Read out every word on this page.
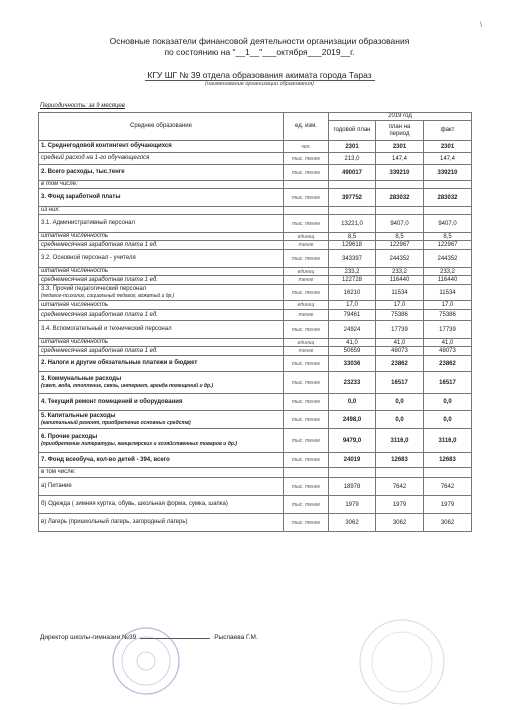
\
Основные показатели финансовой деятельности организации образования
по состоянию на "__1__"___октября___2019__г.
КГУ ШГ № 39 отдела образования акимата города Тараз
(наименование организации образования)
Периодичность: за 9 месяцев
Среднее образование	ед. изм.	2019 год		
		годовой план	план на период	факт

1. Среднегодовой контингент обучающихся	чел.	2301	2301	2301

средний расход на 1-го обучающегося	тыс. тенге	213,0	147,4	147,4

2. Всего расходы, тыс.тенге	тыс. тенге	490017	339210	339210

в том числе:				

3. Фонд заработной платы	тыс. тенге	397752	283032	283032

из них:				

3.1. Административный персонал	тыс. тенге	13221,0	9407,0	9407,0

штатная численность	единиц	8,5	8,5	8,5

среднемесячная заработная плата 1 ед.	тенге	129618	122967	122967

3.2. Основной персонал - учителя	тыс. тенге	343397	244352	244352

штатная численность	единиц	233,2	233,2	233,2

среднемесячная заработная плата 1 ед.	тенге	122728	116440	116440

3.3. Прочий педагогический персонал
(педагог-психолог, социальный педагог, вожатый и др.)	тыс. тенге	16210	11534	11534

штатная численность	единиц	17,0	17,0	17,0

среднемесячная заработная плата 1 ед.	тенге	79461	75386	75386

3.4. Вспомогательный и технический персонал	тыс. тенге	24924	17739	17739

штатная численность	единиц	41,0	41,0	41,0

среднемесячная заработная плата 1 ед.	тенге	50659	48073	48073

2. Налоги и другие обязательные платежи в бюджет	тыс. тенге	33036	23862	23862

3. Коммунальные расходы
(свет, вода, отопление, связь, интернет, аренда помещений и др.)	тыс. тенге	23233	16517	16517

4. Текущий ремонт помещений и оборудования	тыс. тенге	0,0	0,0	0,0

5. Капитальные расходы
(капитальный ремонт, приобретение основных средств)	тыс. тенге	2498,0	0,0	0,0

6. Прочие расходы
(приобретение литературы, канцелярских и хозяйственных товаров и др.)	тыс. тенге	9479,0	3116,0	3116,0

7. Фонд всеобуча, кол-во детей - 394, всего	тыс. тенге	24019	12683	12683

в том числе:				

а) Питание	тыс. тенге	18978	7642	7642

б) Одежда ( зимняя куртка, обувь, школьная форма, сумка, шапка)	тыс. тенге	1979	1979	1979

в) Лагерь (пришкольный лагерь, загородный лагерь)	тыс. тенге	3062	3062	3062
Директор школы-гимназии №39	Рыспаева Г.М.
